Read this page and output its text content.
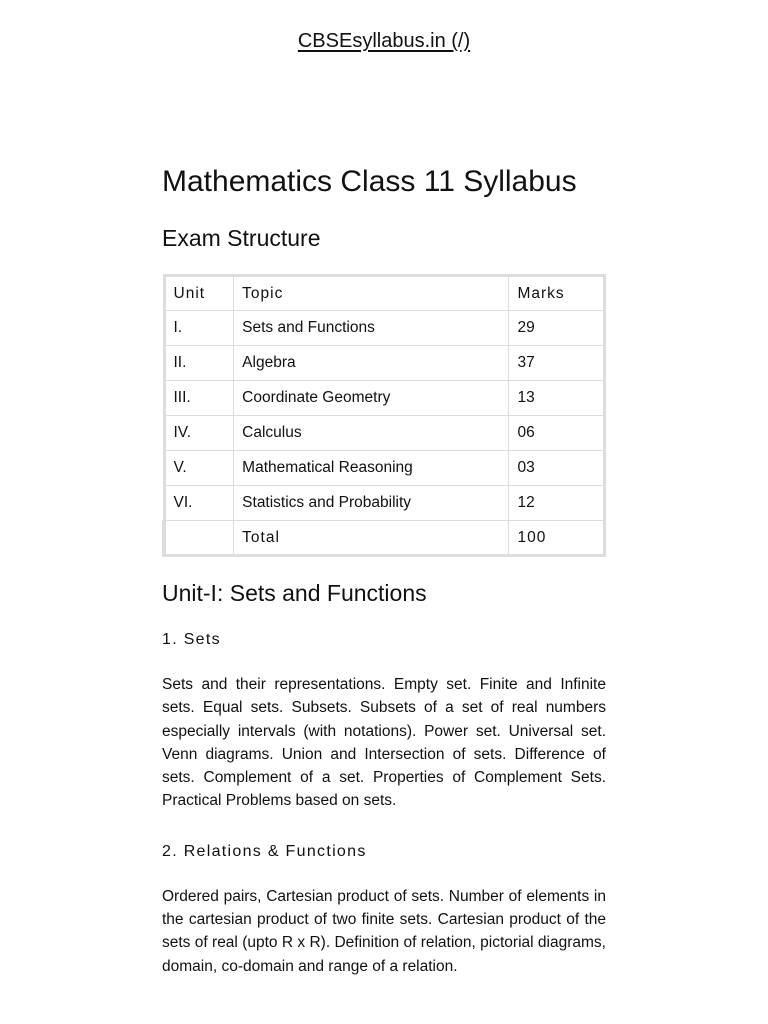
CBSEsyllabus.in (/)
Mathematics Class 11 Syllabus
Exam Structure
Unit	Topic	Marks
I.	Sets and Functions	29
II.	Algebra	37
III.	Coordinate Geometry	13
IV.	Calculus	06
V.	Mathematical Reasoning	03
VI.	Statistics and Probability	12
	Total	100
Unit-I: Sets and Functions
1. Sets

Sets and their representations. Empty set. Finite and Infinite sets. Equal sets. Subsets. Subsets of a set of real numbers especially intervals (with notations). Power set. Universal set. Venn diagrams. Union and Intersection of sets. Difference of sets. Complement of a set. Properties of Complement Sets. Practical Problems based on sets.

2. Relations & Functions

Ordered pairs, Cartesian product of sets. Number of elements in the cartesian product of two finite sets. Cartesian product of the sets of real (upto R x R). Definition of relation, pictorial diagrams, domain, co-domain and range of a relation.
